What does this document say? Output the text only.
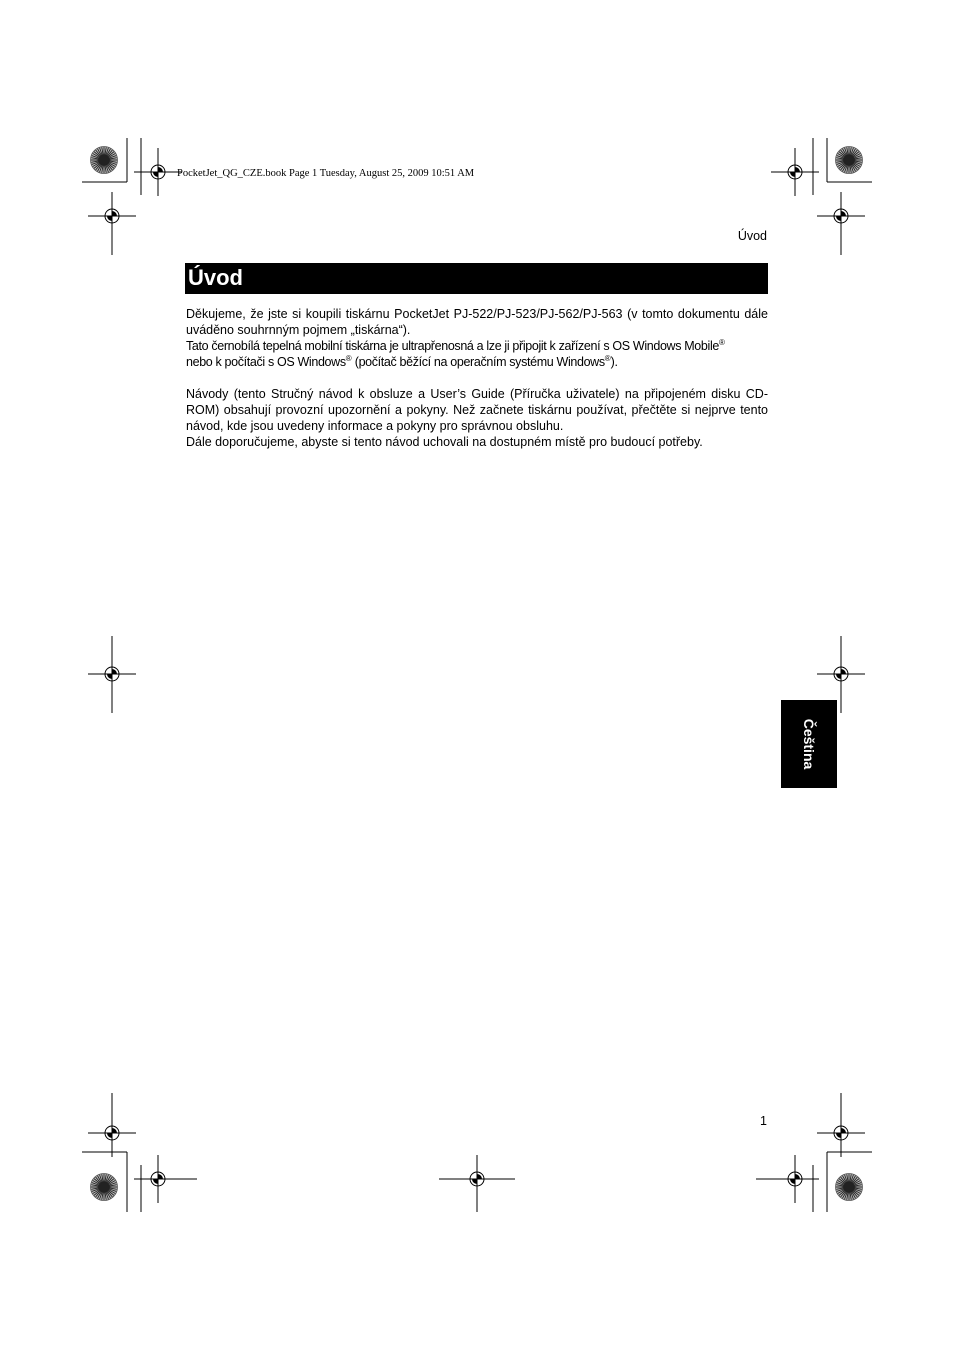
PocketJet_QG_CZE.book Page 1 Tuesday, August 25, 2009 10:51 AM
Úvod
Úvod

Děkujeme, že jste si koupili tiskárnu PocketJet PJ-522/PJ-523/PJ-562/PJ-563 (v tomto dokumentu dále uváděno souhrnným pojmem „tiskárna“).
Tato černobílá tepelná mobilní tiskárna je ultrapřenosná a lze ji připojit k zařízení s OS Windows Mobile®
nebo k počítači s OS Windows® (počítač běžící na operačním systému Windows®).

Návody (tento Stručný návod k obsluze a User’s Guide (Příručka uživatele) na připojeném disku CD-ROM) obsahují provozní upozornění a pokyny. Než začnete tiskárnu používat, přečtěte si nejprve tento návod, kde jsou uvedeny informace a pokyny pro správnou obsluhu.

Dále doporučujeme, abyste si tento návod uchovali na dostupném místě pro budoucí potřeby.

Čeština
1
